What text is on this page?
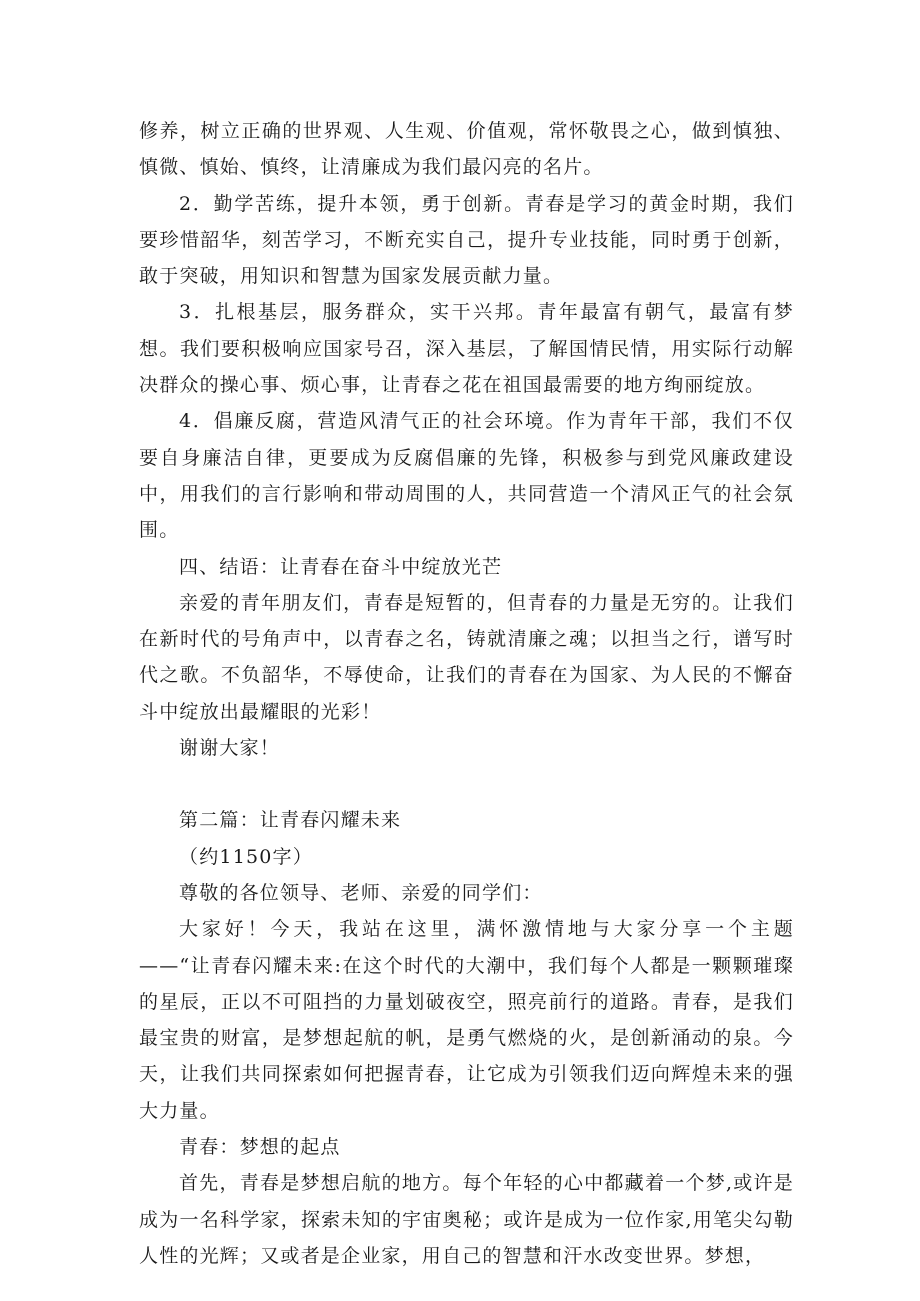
修养，树立正确的世界观、人生观、价值观，常怀敬畏之心，做到慎独、慎微、慎始、慎终，让清廉成为我们最闪亮的名片。

2．勤学苦练，提升本领，勇于创新。青春是学习的黄金时期，我们要珍惜韶华，刻苦学习，不断充实自己，提升专业技能，同时勇于创新，敢于突破，用知识和智慧为国家发展贡献力量。

3．扎根基层，服务群众，实干兴邦。青年最富有朝气，最富有梦想。我们要积极响应国家号召，深入基层，了解国情民情，用实际行动解决群众的操心事、烦心事，让青春之花在祖国最需要的地方绚丽绽放。

4．倡廉反腐，营造风清气正的社会环境。作为青年干部，我们不仅要自身廉洁自律，更要成为反腐倡廉的先锋，积极参与到党风廉政建设中，用我们的言行影响和带动周围的人，共同营造一个清风正气的社会氛围。

四、结语：让青春在奋斗中绽放光芒

亲爱的青年朋友们，青春是短暂的，但青春的力量是无穷的。让我们在新时代的号角声中，以青春之名，铸就清廉之魂；以担当之行，谱写时代之歌。不负韶华，不辱使命，让我们的青春在为国家、为人民的不懈奋斗中绽放出最耀眼的光彩！

谢谢大家！

第二篇：让青春闪耀未来

（约1150字）

尊敬的各位领导、老师、亲爱的同学们：

大家好！今天，我站在这里，满怀激情地与大家分享一个主题——“让青春闪耀未来:在这个时代的大潮中，我们每个人都是一颗颗璀璨的星辰，正以不可阻挡的力量划破夜空，照亮前行的道路。青春，是我们最宝贵的财富，是梦想起航的帆，是勇气燃烧的火，是创新涌动的泉。今天，让我们共同探索如何把握青春，让它成为引领我们迈向辉煌未来的强大力量。

青春：梦想的起点

首先，青春是梦想启航的地方。每个年轻的心中都藏着一个梦,或许是成为一名科学家，探索未知的宇宙奥秘；或许是成为一位作家,用笔尖勾勒人性的光辉；又或者是企业家，用自己的智慧和汗水改变世界。梦想，
